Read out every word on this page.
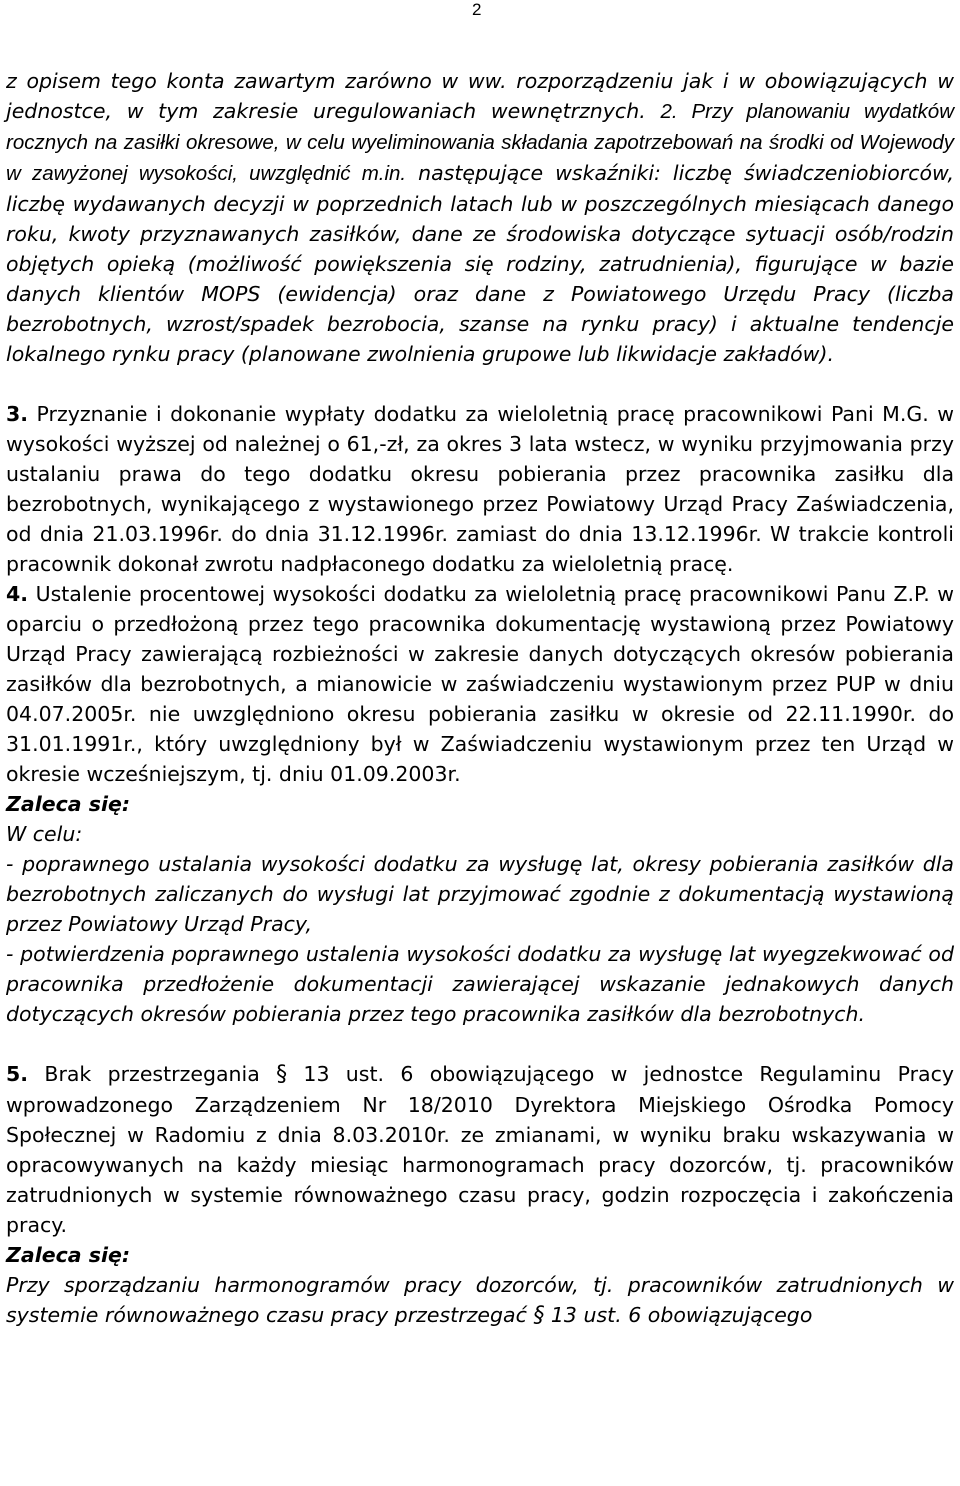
2

z opisem tego konta zawartym zarówno w ww. rozporządzeniu jak i w obowiązujących w jednostce, w tym zakresie uregulowaniach wewnętrznych. 2. Przy planowaniu wydatków rocznych na zasiłki okresowe, w celu wyeliminowania składania zapotrzebowań na środki od Wojewody w zawyżonej wysokości, uwzględnić m.in. następujące wskaźniki: liczbę świadczeniobiorców, liczbę wydawanych decyzji w poprzednich latach lub w poszczególnych miesiącach danego roku, kwoty przyznawanych zasiłków, dane ze środowiska dotyczące sytuacji osób/rodzin objętych opieką (możliwość powiększenia się rodziny, zatrudnienia), figurujące w bazie danych klientów MOPS (ewidencja) oraz dane z Powiatowego Urzędu Pracy (liczba bezrobotnych, wzrost/spadek bezrobocia, szanse na rynku pracy) i aktualne tendencje lokalnego rynku pracy (planowane zwolnienia grupowe lub likwidacje zakładów).

3. Przyznanie i dokonanie wypłaty dodatku za wieloletnią pracę pracownikowi Pani M.G. w wysokości wyższej od należnej o 61,-zł, za okres 3 lata wstecz, w wyniku przyjmowania przy ustalaniu prawa do tego dodatku okresu pobierania przez pracownika zasiłku dla bezrobotnych, wynikającego z wystawionego przez Powiatowy Urząd Pracy Zaświadczenia, od dnia 21.03.1996r. do dnia 31.12.1996r. zamiast do dnia 13.12.1996r. W trakcie kontroli pracownik dokonał zwrotu nadpłaconego dodatku za wieloletnią pracę.

4. Ustalenie procentowej wysokości dodatku za wieloletnią pracę pracownikowi Panu Z.P. w oparciu o przedłożoną przez tego pracownika dokumentację wystawioną przez Powiatowy Urząd Pracy zawierającą rozbieżności w zakresie danych dotyczących okresów pobierania zasiłków dla bezrobotnych, a mianowicie w zaświadczeniu wystawionym przez PUP w dniu 04.07.2005r. nie uwzględniono okresu pobierania zasiłku w okresie od 22.11.1990r. do 31.01.1991r., który uwzględniony był w Zaświadczeniu wystawionym przez ten Urząd w okresie wcześniejszym, tj. dniu 01.09.2003r.

Zaleca się:

W celu:

- poprawnego ustalania wysokości dodatku za wysługę lat, okresy pobierania zasiłków dla bezrobotnych zaliczanych do wysługi lat przyjmować zgodnie z dokumentacją wystawioną przez Powiatowy Urząd Pracy,

- potwierdzenia poprawnego ustalenia wysokości dodatku za wysługę lat wyegzekwować od pracownika przedłożenie dokumentacji zawierającej wskazanie jednakowych danych dotyczących okresów pobierania przez tego pracownika zasiłków dla bezrobotnych.

5. Brak przestrzegania § 13 ust. 6 obowiązującego w jednostce Regulaminu Pracy wprowadzonego Zarządzeniem Nr 18/2010 Dyrektora Miejskiego Ośrodka Pomocy Społecznej w Radomiu z dnia 8.03.2010r. ze zmianami, w wyniku braku wskazywania w opracowywanych na każdy miesiąc harmonogramach pracy dozorców, tj. pracowników zatrudnionych w systemie równoważnego czasu pracy, godzin rozpoczęcia i zakończenia pracy.

Zaleca się:

Przy sporządzaniu harmonogramów pracy dozorców, tj. pracowników zatrudnionych w systemie równoważnego czasu pracy przestrzegać § 13 ust. 6 obowiązującego
